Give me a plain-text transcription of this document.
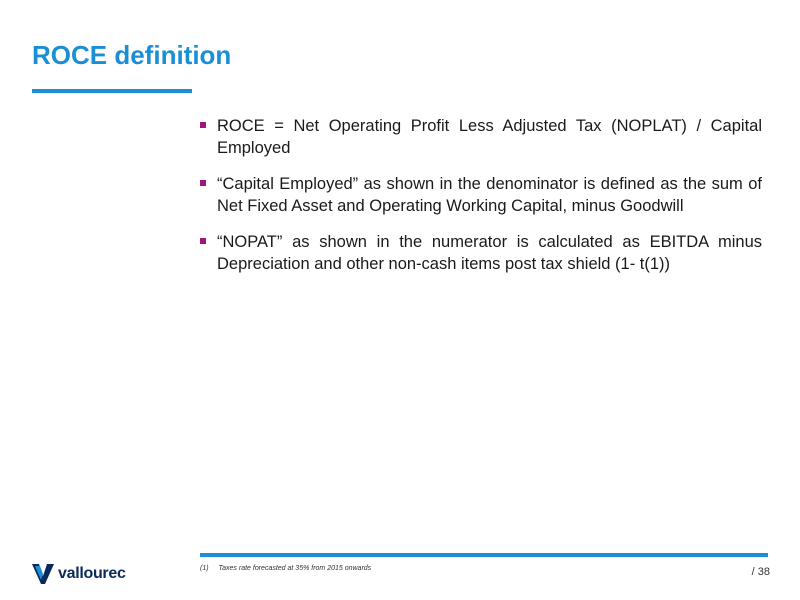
ROCE definition
ROCE = Net Operating Profit Less Adjusted Tax (NOPLAT) / Capital Employed
“Capital Employed” as shown in the denominator is defined as the sum of Net Fixed Asset and Operating Working Capital, minus Goodwill
“NOPAT” as shown in the numerator is calculated as EBITDA minus Depreciation and other non-cash items post tax shield (1- t(1))
vallourec	(1) Taxes rate forecasted at 35% from 2015 onwards	/ 38
